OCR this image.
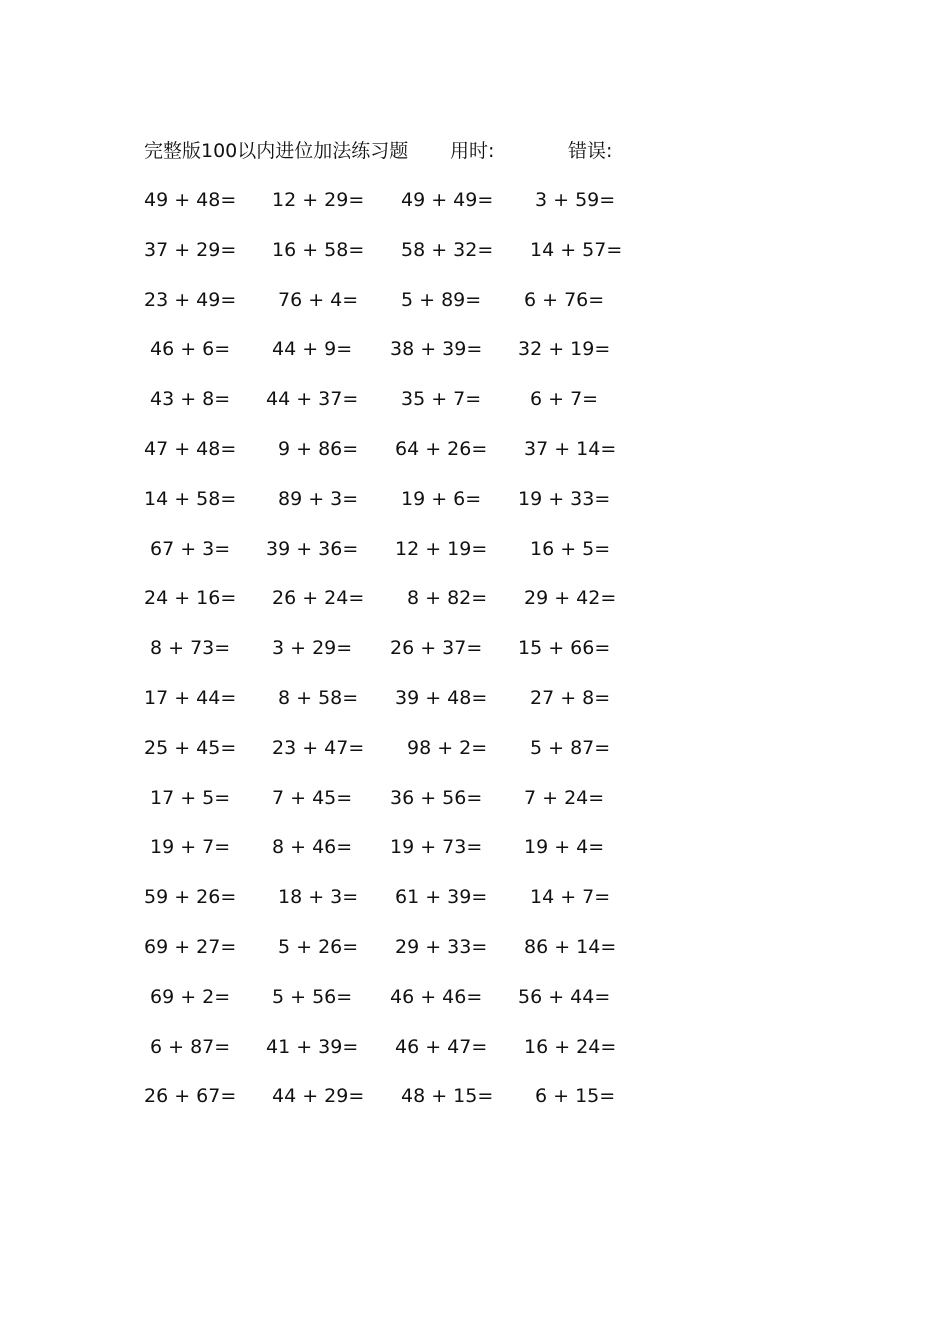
完整版100以内进位加法练习题 用时:	错误:
49 + 48= 12 + 29= 49 + 49= 3 + 59=
37 + 29= 16 + 58= 58 + 32= 14 + 57=
23 + 49= 76 + 4= 5 + 89= 6 + 76=
46 + 6= 44 + 9= 38 + 39= 32 + 19=
43 + 8= 44 + 37= 35 + 7=	6 + 7=
47 + 48= 9 + 86= 64 + 26= 37 + 14=
14 + 58= 89 + 3= 19 + 6= 19 + 33=
67 + 3= 39 + 36= 12 + 19= 16 + 5=
24 + 16= 26 + 24= 8 + 82= 29 + 42=
8 + 73= 3 + 29= 26 + 37= 15 + 66=
17 + 44= 8 + 58= 39 + 48= 27 + 8=
25 + 45= 23 + 47= 98 + 2= 5 + 87=
17 + 5= 7 + 45= 36 + 56= 7 + 24=
19 + 7= 8 + 46= 19 + 73= 19 + 4=
59 + 26= 18 + 3= 61 + 39= 14 + 7=
69 + 27= 5 + 26= 29 + 33= 86 + 14=
69 + 2= 5 + 56= 46 + 46= 56 + 44=
6 + 87= 41 + 39= 46 + 47= 16 + 24=
26 + 67= 44 + 29= 48 + 15= 6 + 15=
